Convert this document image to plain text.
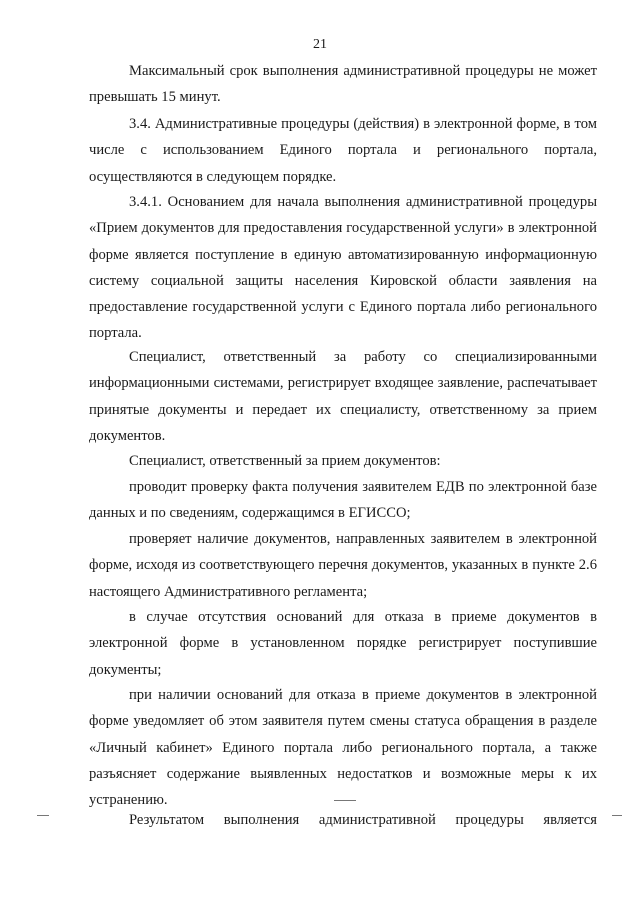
21

Максимальный срок выполнения административной процедуры не может превышать 15 минут.

3.4. Административные процедуры (действия) в электронной форме, в том числе с использованием Единого портала и регионального портала, осуществляются в следующем порядке.

3.4.1. Основанием для начала выполнения административной процедуры «Прием документов для предоставления государственной услуги» в электронной форме является поступление в единую автоматизированную информационную систему социальной защиты населения Кировской области заявления на предоставление государственной услуги с Единого портала либо регионального портала.

Специалист, ответственный за работу со специализированными информационными системами, регистрирует входящее заявление, распечатывает принятые документы и передает их специалисту, ответственному за прием документов.

Специалист, ответственный за прием документов:

проводит проверку факта получения заявителем ЕДВ по электронной базе данных и по сведениям, содержащимся в ЕГИССО;

проверяет наличие документов, направленных заявителем в электронной форме, исходя из соответствующего перечня документов, указанных в пункте 2.6 настоящего Административного регламента;

в случае отсутствия оснований для отказа в приеме документов в электронной форме в установленном порядке регистрирует поступившие документы;

при наличии оснований для отказа в приеме документов в электронной форме уведомляет об этом заявителя путем смены статуса обращения в разделе «Личный кабинет» Единого портала либо регионального портала, а также разъясняет содержание выявленных недостатков и возможные меры к их устранению.

Результатом выполнения административной процедуры является
